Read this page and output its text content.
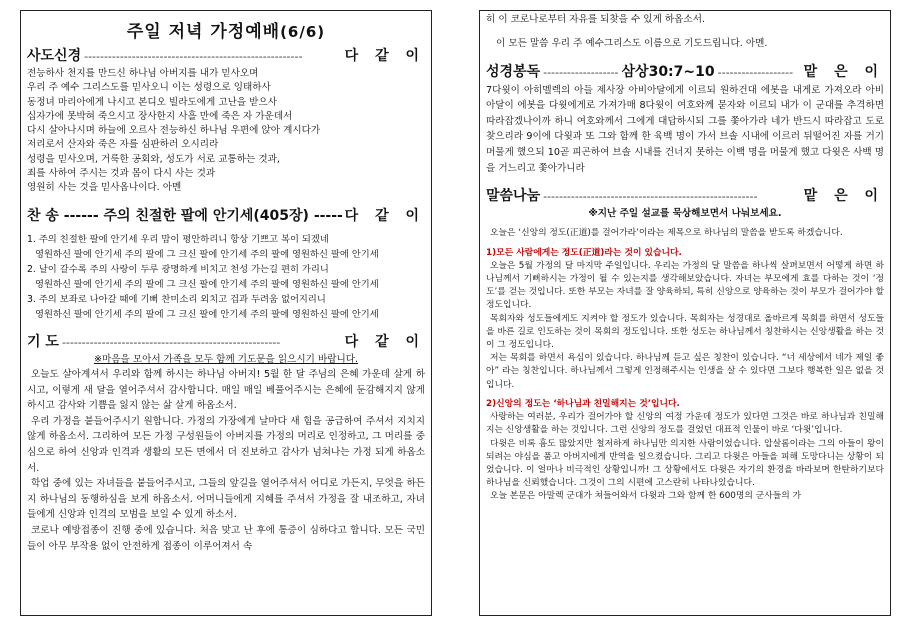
주일 저녁 가정예배(6/6)
사도신경 -------------------------------------------------------	다 같 이
전능하사 천지를 만드신 하나님 아버지를 내가 믿사오며
우리 주 예수 그리스도를 믿사오니 이는 성령으로 잉태하사
동정녀 마리아에게 나시고 본디오 빌라도에게 고난을 받으사
십자가에 못박혀 죽으시고 장사한지 사흘 만에 죽은 자 가운데서
다시 살아나시며 하늘에 오르사 전능하신 하나님 우편에 앉아 계시다가
저리로서 산자와 죽은 자를 심판하러 오시리라
성령을 믿사오며, 거룩한 공회와, 성도가 서로 교통하는 것과,
죄를 사하여 주시는 것과 몸이 다시 사는 것과
영원히 사는 것을 믿사옵나이다. 아멘
찬 송 ------ 주의 친절한 팔에 안기세(405장) ----- 다 같 이
1. 주의 친절한 팔에 안기세 우리 맘이 평안하리니 항상 기쁘고 복이 되겠네
영원하신 팔에 안기세 주의 팔에 그 크신 팔에 안기세 주의 팔에 영원하신 팔에 안기세
2. 날이 갈수록 주의 사랑이 두루 광명하게 비치고 천성 가는길 편히 가리니
영원하신 팔에 안기세 주의 팔에 그 크신 팔에 안기세 주의 팔에 영원하신 팔에 안기세
3. 주의 보좌로 나아갈 때에 기뻐 찬미소리 외치고 겁과 두려움 없어지리니
영원하신 팔에 안기세 주의 팔에 그 크신 팔에 안기세 주의 팔에 영원하신 팔에 안기세
기 도 -------------------------------------------------------	다 같 이
※마음을 모아서 가족을 모두 함께 기도문을 읽으시기 바랍니다.

오늘도 살아계셔서 우리와 함께 하시는 하나님 아버지! 5월 한 달 주님의 은혜 가운데 살게 하시고, 이렇게 새 달을 열어주셔서 감사합니다. 매일 매일 베풀어주시는 은혜에 둔감해지지 않게 하시고 감사와 기쁨을 잃지 않는 삶 살게 하옵소서.

우리 가정을 붙들어주시기 원합니다. 가정의 가장에게 날마다 새 힘을 공급하여 주셔서 지치지 않게 하옵소서. 그리하여 모든 가정 구성원들이 아버지를 가정의 머리로 인정하고, 그 머리를 중심으로 하여 신앙과 인격과 생활의 모든 면에서 더 진보하고 감사가 넘쳐나는 가정 되게 하옵소서.

학업 중에 있는 자녀들을 붙들어주시고, 그들의 앞길을 열어주셔서 어디로 가든지, 무엇을 하든지 하나님의 동행하심을 보게 하옵소서. 어머니들에게 지혜를 주셔서 가정을 잘 내조하고, 자녀들에게 신앙과 인격의 모범을 보일 수 있게 하소서.

코로나 예방접종이 진행 중에 있습니다. 처음 맞고 난 후에 통증이 심하다고 합니다. 모든 국민들이 아무 부작용 없이 안전하게 접종이 이루어져서 속

히 이 코로나로부터 자유를 되찾을 수 있게 하옵소서.
이 모든 말씀 우리 주 예수그리스도 이름으로 기도드립니다. 아멘.
성경봉독 ------------------- 삼상30:7~10 ------------------- 맡 은 이
7다윗이 아히멜렉의 아들 제사장 아비아달에게 이르되 원하건대 에봇을 내게로 가져오라 아비아달이 에봇을 다윗에게로 가져가매 8다윗이 여호와께 묻자와 이르되 내가 이 군대를 추격하면 따라잡겠나이까 하니 여호와께서 그에게 대답하시되 그를 쫓아가라 네가 반드시 따라잡고 도로 찾으리라 9이에 다윗과 또 그와 함께 한 육백 명이 가서 브솔 시내에 이르러 뒤떨어진 자를 거기 머물게 했으되 10곧 피곤하여 브솔 시내를 건너지 못하는 이백 명을 머물게 했고 다윗은 사백 명을 거느리고 쫓아가니라
말씀나눔 ------------------------------------------------------	맡 은 이
※지난 주일 설교를 묵상해보면서 나눠보세요.

오늘은 ‘신앙의 정도(正道)를 걸어가라’이라는 제목으로 하나님의 말씀을 받도록 하겠습니다.

1)모든 사람에게는 정도(正道)라는 것이 있습니다.

오늘은 5월 가정의 달 마지막 주일입니다. 우리는 가정의 달 말씀을 하나씩 살펴보면서 어떻게 하면 하나님께서 기뻐하시는 가정이 될 수 있는지를 생각해보았습니다. 자녀는 부모에게 효를 다하는 것이 ‘정도’를 걷는 것입니다. 또한 부모는 자녀를 잘 양육하되, 특히 신앙으로 양육하는 것이 부모가 걸어가야 할 정도입니다.

목회자와 성도들에게도 지켜야 할 정도가 있습니다. 목회자는 성경대로 올바르게 목회를 하면서 성도들을 바른 길로 인도하는 것이 목회의 정도입니다. 또한 성도는 하나님께서 칭찬하시는 신앙생활을 하는 것이 그 정도입니다.

저는 목회를 하면서 욕심이 있습니다. 하나님께 듣고 싶은 칭찬이 있습니다. “너 세상에서 네가 제일 좋아” 라는 칭찬입니다. 하나님께서 그렇게 인정해주시는 인생을 살 수 있다면 그보다 행복한 일은 없을 것입니다.

2)신앙의 정도는 ‘하나님과 친밀해지는 것’입니다.

사랑하는 여러분, 우리가 걸어가야 할 신앙의 여정 가운데 정도가 있다면 그것은 바로 하나님과 친밀해지는 신앙생활을 하는 것입니다. 그런 신앙의 정도를 걸었던 대표적 인물이 바로 ‘다윗’입니다.

다윗은 비록 흠도 많았지만 철저하게 하나님만 의지한 사람이었습니다. 압살롬이라는 그의 아들이 왕이 되려는 야심을 품고 아버지에게 반역을 일으켰습니다. 그리고 다윗은 아들을 피해 도망다니는 상황이 되었습니다. 이 얼마나 비극적인 상황입니까! 그 상황에서도 다윗은 자기의 환경을 바라보며 한탄하기보다 하나님을 신뢰했습니다. 그것이 그의 시편에 고스란히 나타나있습니다.

오늘 본문은 아말렉 군대가 쳐들어와서 다윗과 그와 함께 한 600명의 군사들의 가
